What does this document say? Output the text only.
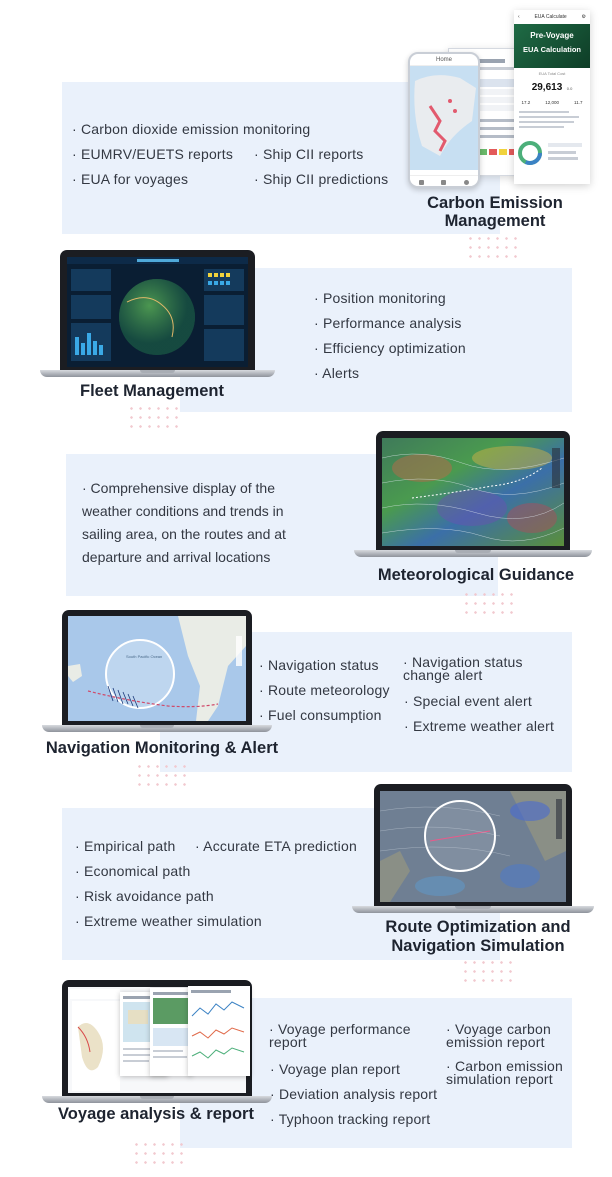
· Carbon dioxide emission monitoring
· EUMRV/EUETS reports · Ship CII reports
· EUA for voyages	· Ship CII predictions
Home
‹	EUA Calculate	⚙
Pre-Voyage
EUA Calculation
EUA Total Cost
29,613 0.0
17.2	12,000	11.7
Carbon Emission
Management
Fleet Management
· Position monitoring
· Performance analysis
· Efficiency optimization
· Alerts
· Comprehensive display of the weather conditions and trends in sailing area, on the routes and at departure and arrival locations
Meteorological Guidance
South Pacific Ocean
Navigation Monitoring & Alert
· Navigation status
· Route meteorology
· Fuel consumption
· Navigation status change alert
· Special event alert
· Extreme weather alert
· Empirical path · Accurate ETA prediction
· Economical path
· Risk avoidance path
· Extreme weather simulation	Route Optimization and
Navigation Simulation
Voyage analysis & report
· Voyage performance report
· Voyage plan report
· Deviation analysis report
· Typhoon tracking report
· Voyage carbon emission report
· Carbon emission simulation report
